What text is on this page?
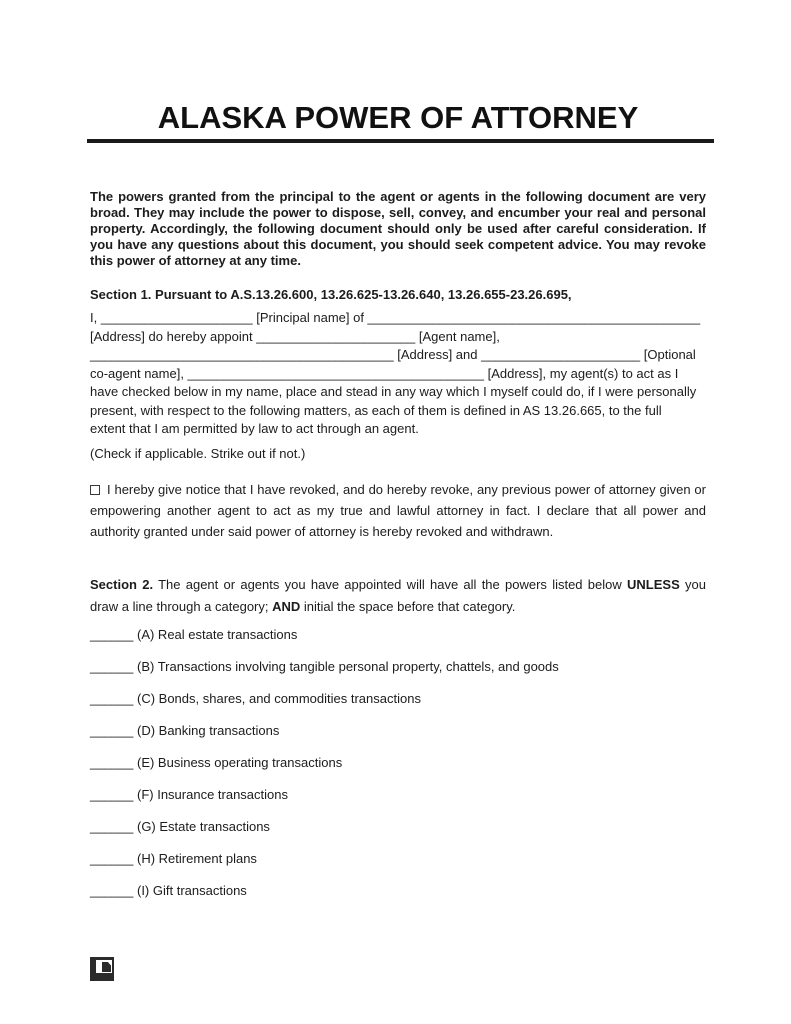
ALASKA POWER OF ATTORNEY

The powers granted from the principal to the agent or agents in the following document are very broad. They may include the power to dispose, sell, convey, and encumber your real and personal property. Accordingly, the following document should only be used after careful consideration. If you have any questions about this document, you should seek competent advice. You may revoke this power of attorney at any time.

Section 1. Pursuant to A.S.13.26.600, 13.26.625-13.26.640, 13.26.655-23.26.695,

I, _____________________ [Principal name] of ______________________________________________
[Address] do hereby appoint ______________________ [Agent name],
__________________________________________ [Address] and ______________________ [Optional
co-agent name], _________________________________________ [Address], my agent(s) to act as I
have checked below in my name, place and stead in any way which I myself could do, if I were personally
present, with respect to the following matters, as each of them is defined in AS 13.26.665, to the full
extent that I am permitted by law to act through an agent.

(Check if applicable. Strike out if not.)

I hereby give notice that I have revoked, and do hereby revoke, any previous power of attorney given or empowering another agent to act as my true and lawful attorney in fact. I declare that all power and authority granted under said power of attorney is hereby revoked and withdrawn.

Section 2. The agent or agents you have appointed will have all the powers listed below UNLESS you draw a line through a category; AND initial the space before that category.

______ (A) Real estate transactions
______ (B) Transactions involving tangible personal property, chattels, and goods
______ (C) Bonds, shares, and commodities transactions
______ (D) Banking transactions
______ (E) Business operating transactions
______ (F) Insurance transactions
______ (G) Estate transactions
______ (H) Retirement plans
______ (I) Gift transactions
